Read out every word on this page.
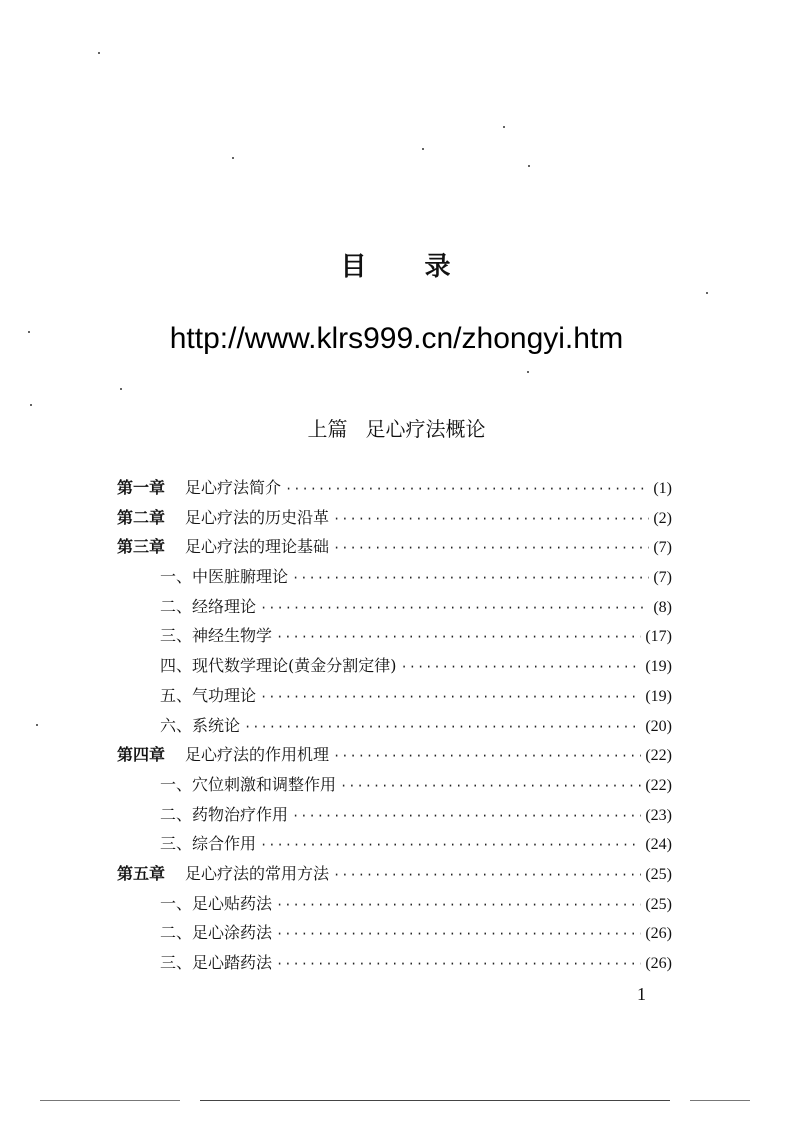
目 录
http://www.klrs999.cn/zhongyi.htm
上篇 足心疗法概论
第一章 足心疗法简介 ·····	(1)
第二章 足心疗法的历史沿革 ·····	(2)
第三章 足心疗法的理论基础 ·····	(7)
一、中医脏腑理论 ·····	(7)
二、经络理论 ·····	(8)
三、神经生物学 ·····	(17)
四、现代数学理论(黄金分割定律) ·····	(19)
五、气功理论 ·····	(19)
六、系统论 ·····	(20)
第四章 足心疗法的作用机理 ·····	(22)
一、穴位刺激和调整作用 ·····	(22)
二、药物治疗作用 ·····	(23)
三、综合作用 ·····	(24)
第五章 足心疗法的常用方法 ·····	(25)
一、足心贴药法 ·····	(25)
二、足心涂药法 ·····	(26)
三、足心踏药法 ·····	(26)
1
